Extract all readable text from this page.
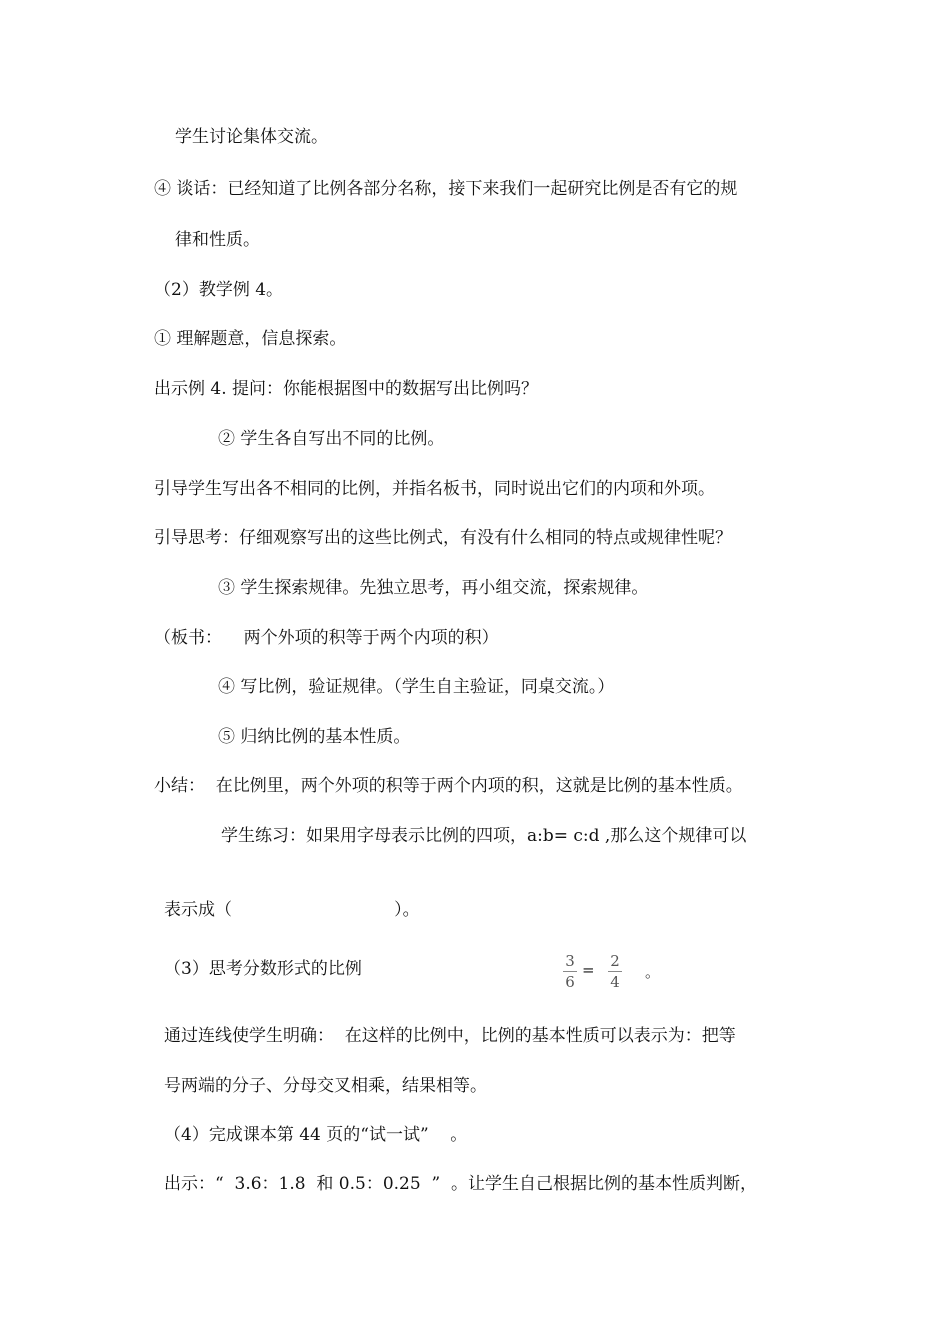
学生讨论集体交流。
④ 谈话：已经知道了比例各部分名称，接下来我们一起研究比例是否有它的规
律和性质。
（2）教学例 4。
① 理解题意，信息探索。
出示例 4. 提问：你能根据图中的数据写出比例吗？
② 学生各自写出不同的比例。
引导学生写出各不相同的比例，并指名板书，同时说出它们的内项和外项。
引导思考：仔细观察写出的这些比例式，有没有什么相同的特点或规律性呢？
③ 学生探索规律。先独立思考，再小组交流，探索规律。
（板书：    两个外项的积等于两个内项的积）
④ 写比例，验证规律。（学生自主验证，同桌交流。）
⑤ 归纳比例的基本性质。
小结：  在比例里，两个外项的积等于两个内项的积，这就是比例的基本性质。
学生练习：如果用字母表示比例的四项，a:b= c:d ,那么这个规律可以
表示成（                              ）。
（3）思考分数形式的比例	3
6
= 2
4
。
通过连线使学生明确：  在这样的比例中，比例的基本性质可以表示为：把等
号两端的分子、分母交叉相乘，结果相等。
（4）完成课本第 44 页的“试一试”    。
出示：“  3.6：1.8  和 0.5：0.25  ”  。让学生自己根据比例的基本性质判断，
